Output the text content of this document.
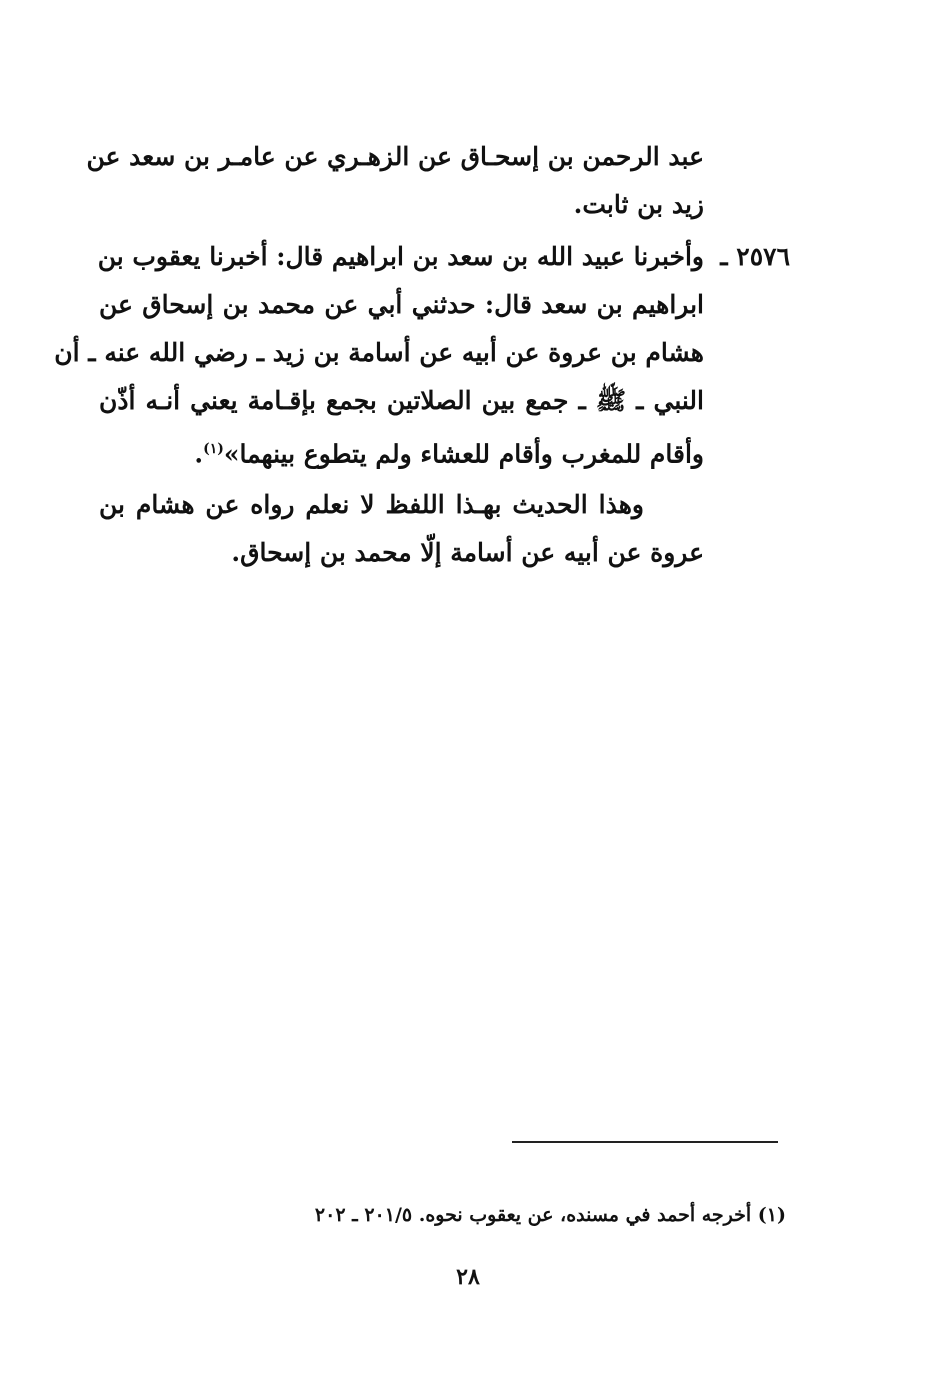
عبد الرحمن بن إسحـاق عن الزهـري عن عامـر بن سعد عن
زيد بن ثابت.
٢٥٧٦ ـ
وأخبرنا عبيد الله بن سعد بن ابراهيم قال: أخبرنا يعقوب بن
ابراهيم بن سعد قال: حدثني أبي عن محمد بن إسحاق عن
هشام بن عروة عن أبيه عن أسامة بن زيد ـ رضي الله عنه ـ أن
النبي ـ ﷺ ـ جمع بين الصلاتين بجمع بإقـامة يعني أنـه أذّن
وأقام للمغرب وأقام للعشاء ولم يتطوع بينهما»$^{(١)}$.
وهذا الحديث بهـذا اللفظ لا نعلم رواه عن هشام بن
عروة عن أبيه عن أسامة إلّا محمد بن إسحاق.
(١) أخرجه أحمد في مسنده، عن يعقوب نحوه. ٢٠١/٥ ـ ٢٠٢
٢٨
